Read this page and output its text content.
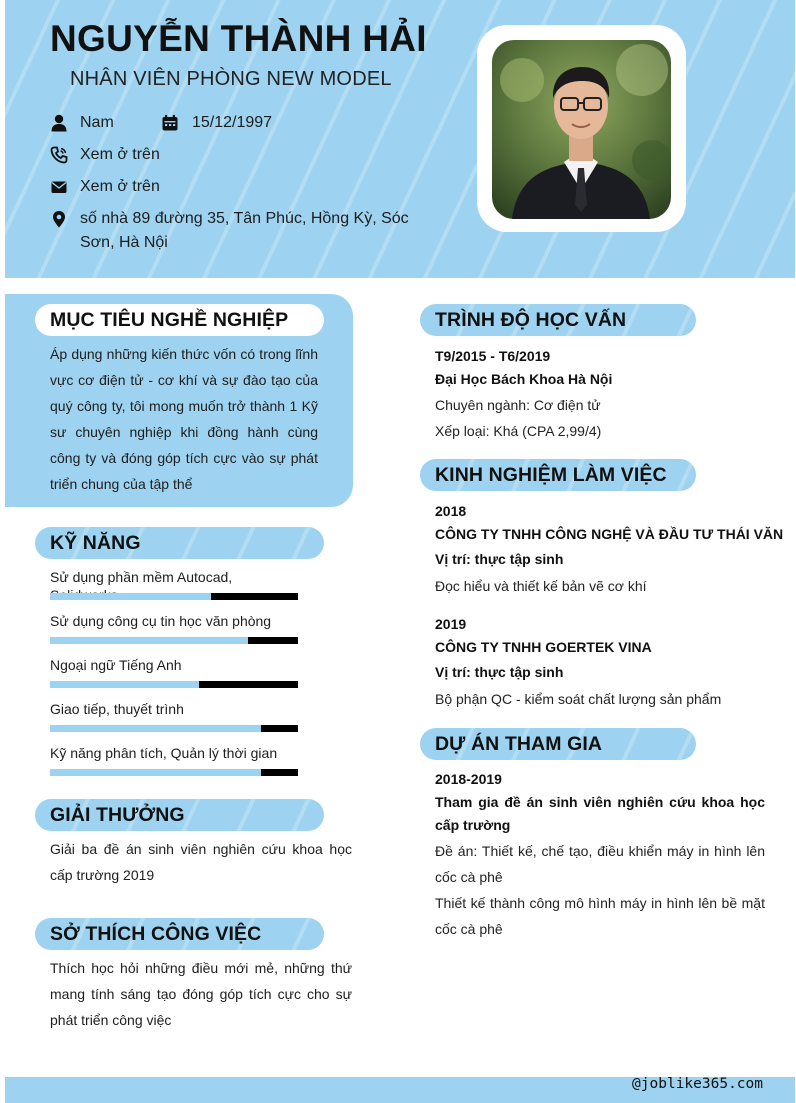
NGUYỄN THÀNH HẢI
NHÂN VIÊN PHÒNG NEW MODEL
Nam	15/12/1997
Xem ở trên
Xem ở trên
số nhà 89 đường 35, Tân Phúc, Hồng Kỳ, Sóc Sơn, Hà Nội
MỤC TIÊU NGHỀ NGHIỆP
Áp dụng những kiến thức vốn có trong lĩnh vực cơ điện tử - cơ khí và sự đào tạo của quý công ty, tôi mong muốn trở thành 1 Kỹ sư chuyên nghiệp khi đồng hành cùng công ty và đóng góp tích cực vào sự phát triển chung của tập thể
KỸ NĂNG
Sử dụng phần mềm Autocad,
Sử dụng công cụ tin học văn phòng
Ngoại ngữ Tiếng Anh
Giao tiếp, thuyết trình
Kỹ năng phân tích, Quản lý thời gian
GIẢI THƯỞNG
Giải ba đề án sinh viên nghiên cứu khoa học cấp trường 2019
SỞ THÍCH CÔNG VIỆC
Thích học hỏi những điều mới mẻ, những thứ mang tính sáng tạo đóng góp tích cực cho sự phát triển công việc
TRÌNH ĐỘ HỌC VẤN
T9/2015 - T6/2019
Đại Học Bách Khoa Hà Nội
Chuyên ngành: Cơ điện tử
Xếp loại: Khá (CPA 2,99/4)
KINH NGHIỆM LÀM VIỆC
2018
CÔNG TY TNHH CÔNG NGHỆ VÀ ĐẦU TƯ THÁI VĂN
Vị trí: thực tập sinh
Đọc hiểu và thiết kế bản vẽ cơ khí
2019
CÔNG TY TNHH GOERTEK VINA
Vị trí: thực tập sinh
Bộ phận QC - kiểm soát chất lượng sản phẩm
DỰ ÁN THAM GIA
2018-2019
Tham gia đề án sinh viên nghiên cứu khoa học cấp trường
Đề án: Thiết kế, chế tạo, điều khiển máy in hình lên cốc cà phê
Thiết kế thành công mô hình máy in hình lên bề mặt cốc cà phê
@joblike365.com
